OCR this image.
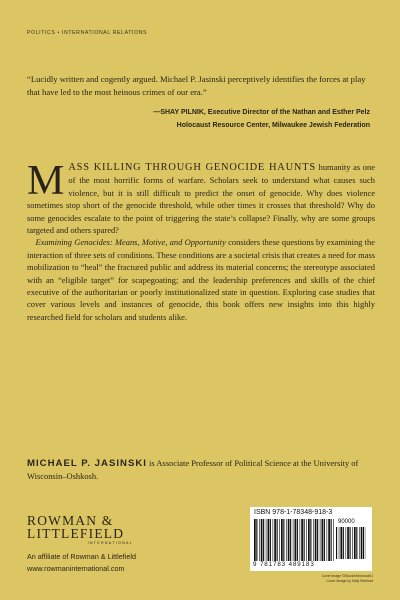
POLITICS • INTERNATIONAL RELATIONS
“Lucidly written and cogently argued. Michael P. Jasinski perceptively identifies the forces at play that have led to the most heinous crimes of our era.”
—SHAY PILNIK, Executive Director of the Nathan and Esther Pelz
Holocaust Resource Center, Milwaukee Jewish Federation

MASS KILLING THROUGH GENOCIDE HAUNTS humanity as one of the most horrific forms of warfare. Scholars seek to understand what causes such violence, but it is still difficult to predict the onset of genocide. Why does violence sometimes stop short of the genocide threshold, while other times it crosses that threshold? Why do some genocides escalate to the point of triggering the state’s collapse? Finally, why are some groups targeted and others spared?

 Examining Genocides: Means, Motive, and Opportunity considers these questions by examining the interaction of three sets of conditions. These conditions are a societal crisis that creates a need for mass mobilization to “heal” the fractured public and address its material concerns; the stereotype associated with an “eligible target” for scapegoating; and the leadership preferences and skills of the chief executive of the authoritarian or poorly institutionalized state in question. Exploring case studies that cover various levels and instances of genocide, this book offers new insights into this highly researched field for scholars and students alike.

MICHAEL P. JASINSKI is Associate Professor of Political Science at the University of Wisconsin–Oshkosh.
ROWMAN &
LITTLEFIELD
INTERNATIONAL
An affiliate of Rowman & Littlefield
www.rowmaninternational.com
ISBN 978-1-78348-918-3
90000
9 781783 489183
Cover image ©iStock/vlrbrwood01
Cover design by Sally Rinehart
